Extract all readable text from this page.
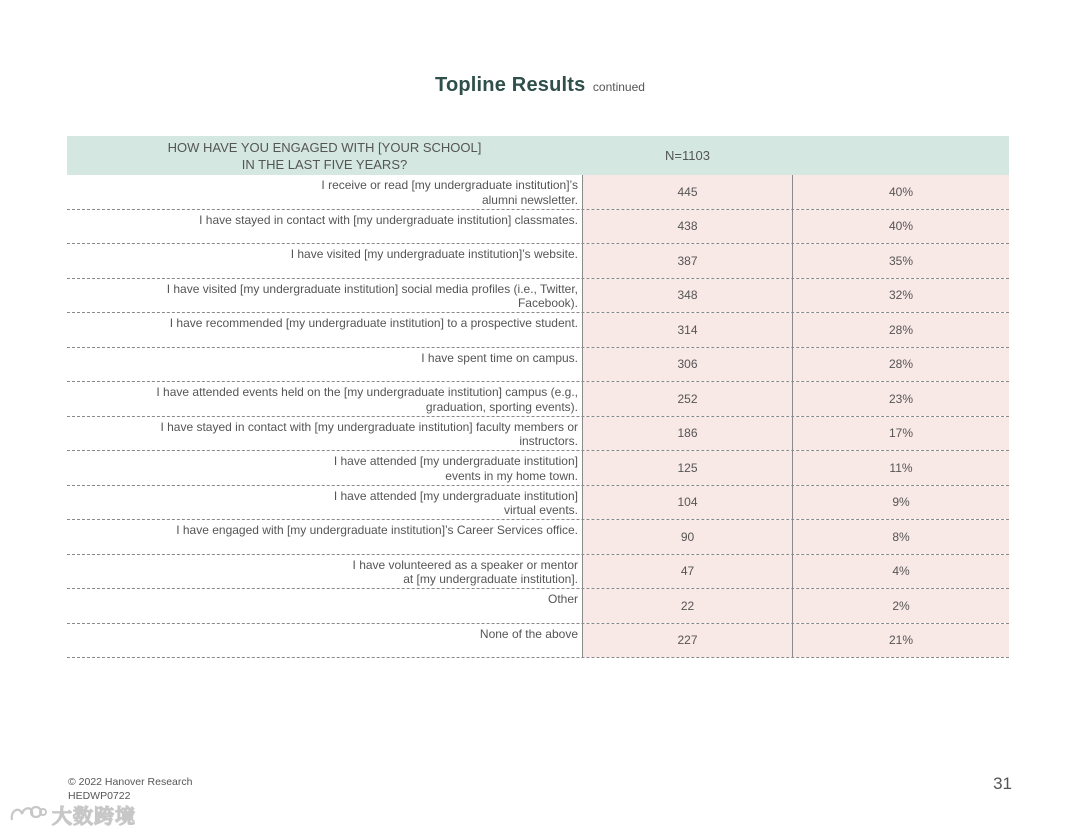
Topline Results continued
HOW HAVE YOU ENGAGED WITH [YOUR SCHOOL]
IN THE LAST FIVE YEARS?
N=1103
I receive or read [my undergraduate institution]’s
alumni newsletter.
445	40%
I have stayed in contact with [my undergraduate institution] classmates.	438	40%
I have visited [my undergraduate institution]’s website.	387	35%
I have visited [my undergraduate institution] social media profiles (i.e., Twitter,
Facebook).
348	32%
I have recommended [my undergraduate institution] to a prospective student.	314	28%
I have spent time on campus.	306	28%
I have attended events held on the [my undergraduate institution] campus (e.g.,
graduation, sporting events).
252	23%
I have stayed in contact with [my undergraduate institution] faculty members or
instructors.
186	17%
I have attended [my undergraduate institution]
events in my home town.
125	11%
I have attended [my undergraduate institution]
virtual events.
104	9%
I have engaged with [my undergraduate institution]’s Career Services office.	90	8%
I have volunteered as a speaker or mentor
at [my undergraduate institution].
47	4%
Other	22	2%
None of the above	227	21%
© 2022 Hanover Research
HEDWP0722
31
大数跨境
